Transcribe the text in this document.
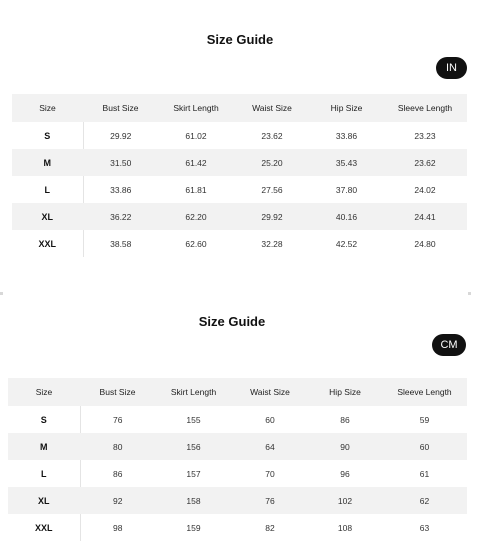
Size Guide
IN
Size	Bust Size	Skirt Length	Waist Size	Hip Size	Sleeve Length
S	29.92	61.02	23.62	33.86	23.23
M	31.50	61.42	25.20	35.43	23.62
L	33.86	61.81	27.56	37.80	24.02
XL	36.22	62.20	29.92	40.16	24.41
XXL	38.58	62.60	32.28	42.52	24.80
Size Guide
CM
Size	Bust Size	Skirt Length	Waist Size	Hip Size	Sleeve Length
S	76	155	60	86	59
M	80	156	64	90	60
L	86	157	70	96	61
XL	92	158	76	102	62
XXL	98	159	82	108	63
